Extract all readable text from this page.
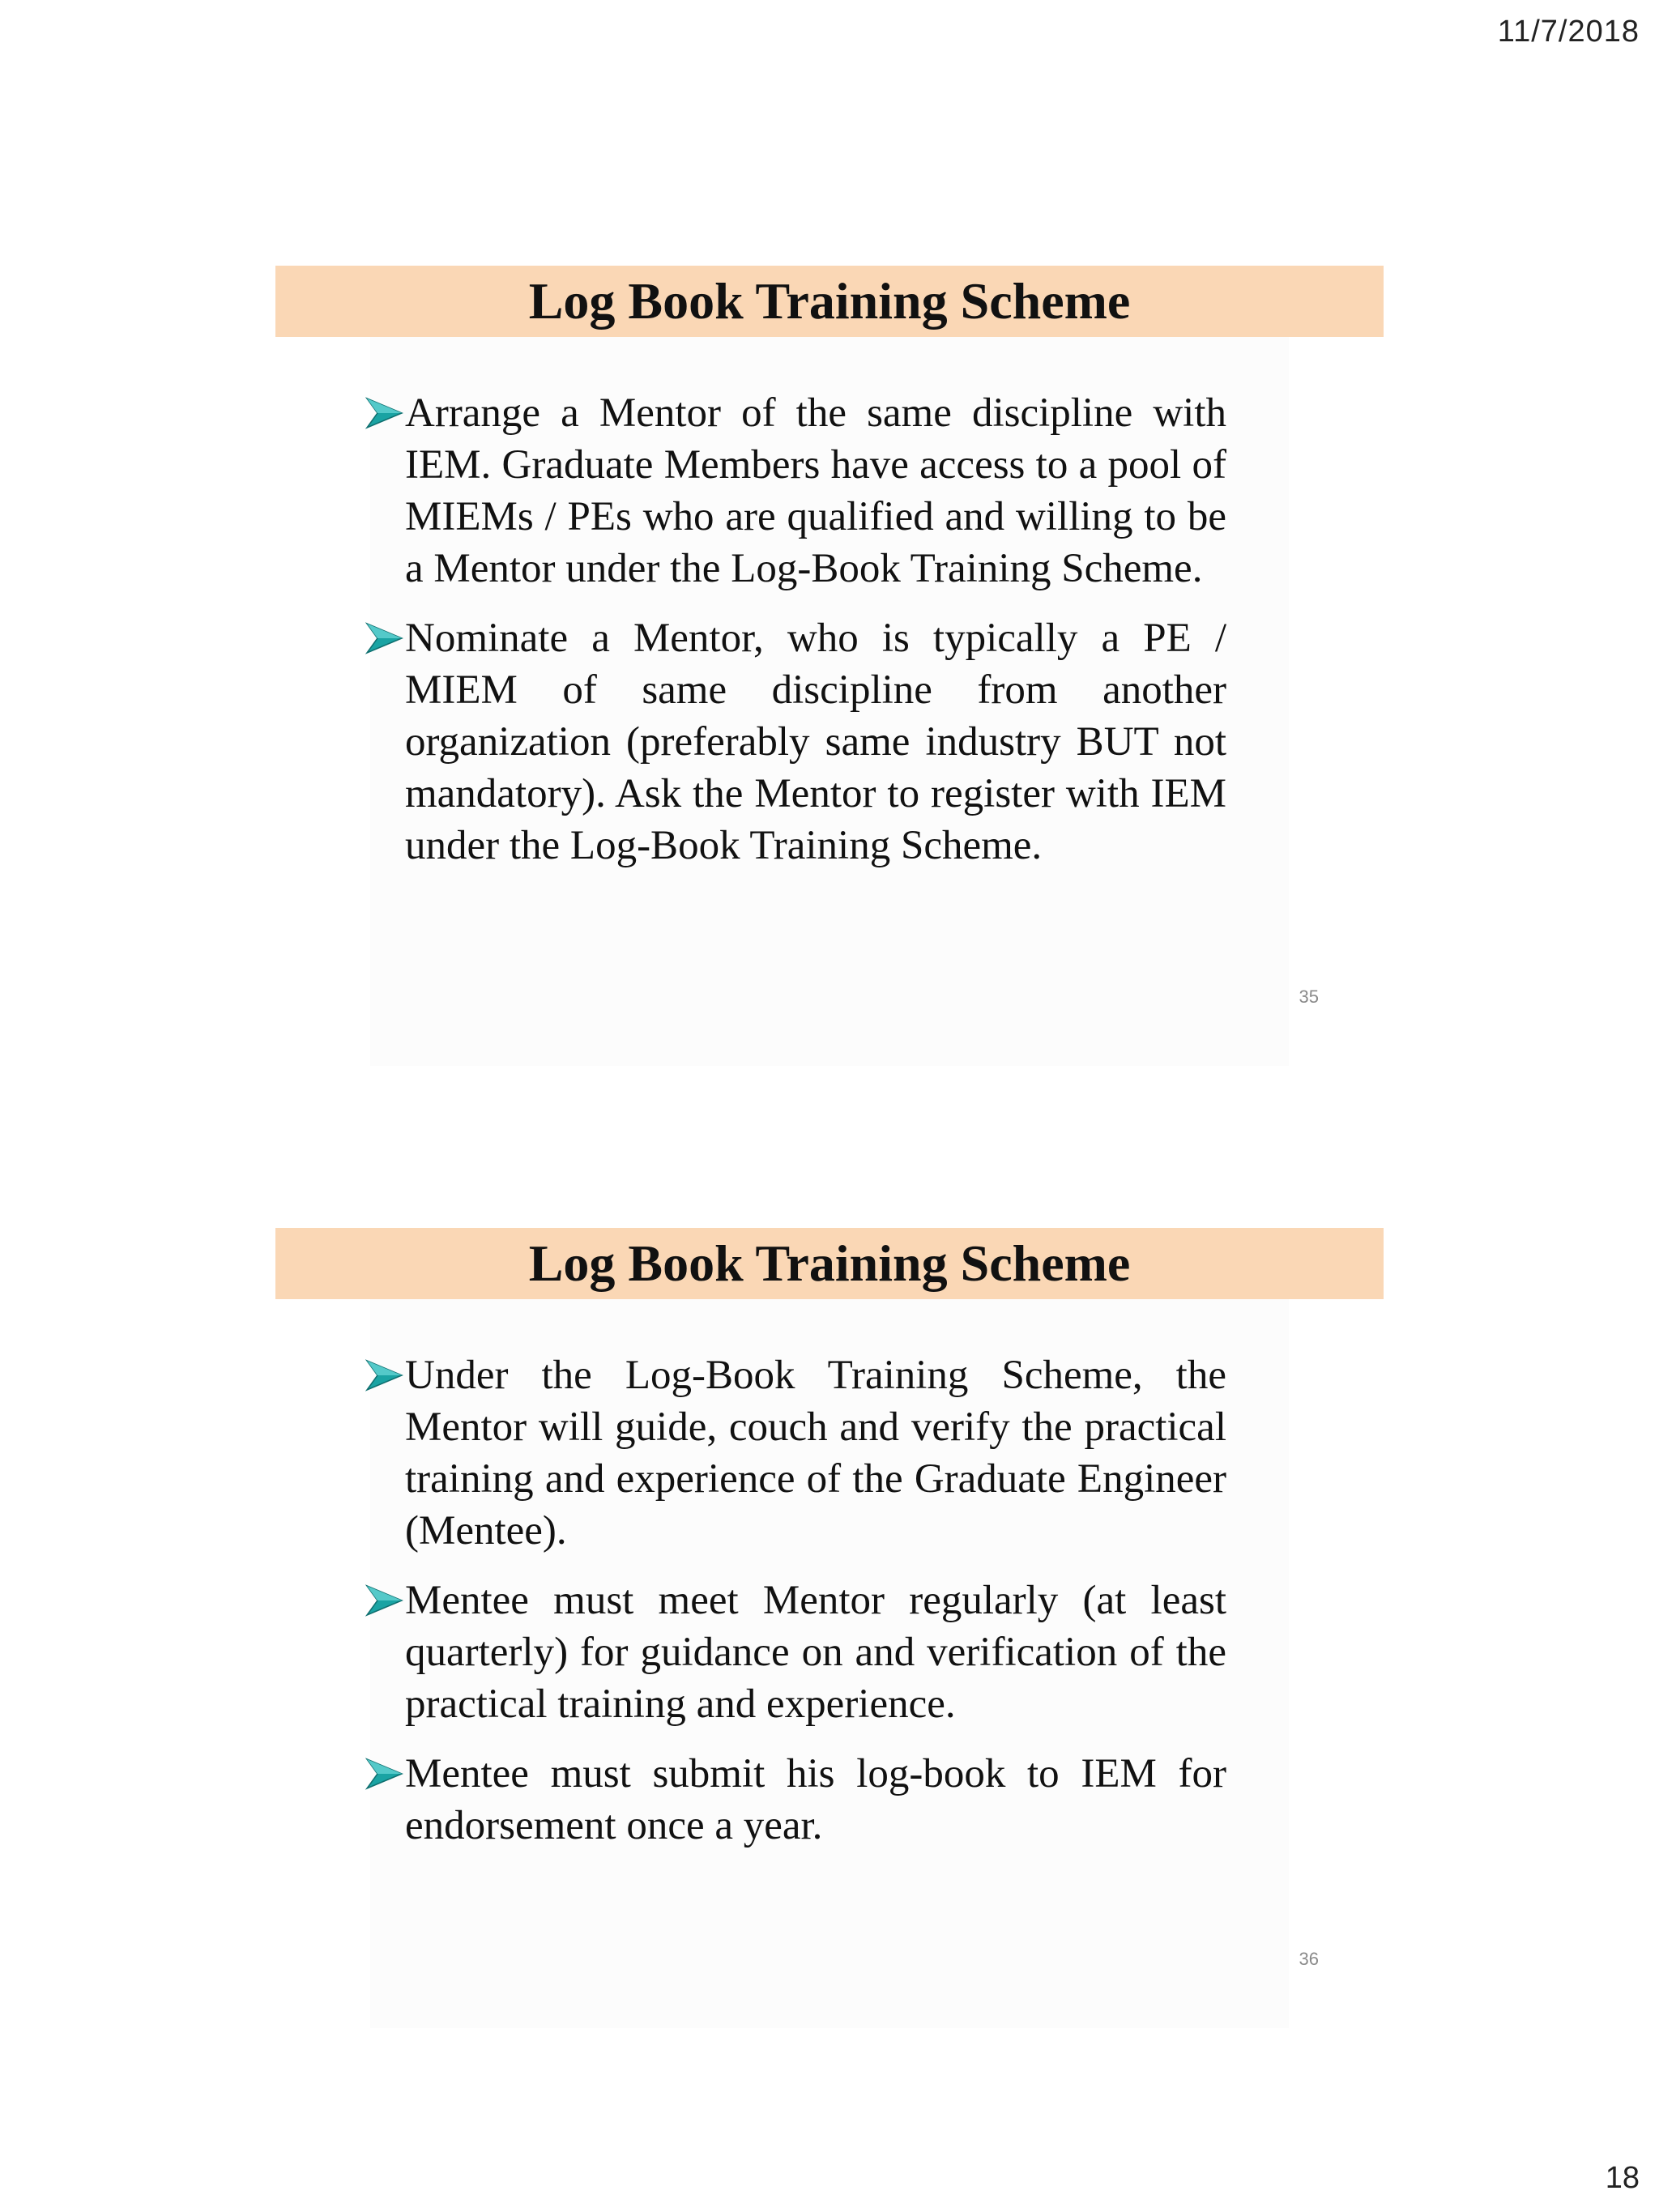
11/7/2018
Log Book Training Scheme
Arrange a Mentor of the same discipline with IEM. Graduate Members have access to a pool of MIEMs / PEs who are qualified and willing to be a Mentor under the Log-Book Training Scheme.
Nominate a Mentor, who is typically a PE / MIEM of same discipline from another organization (preferably same industry BUT not mandatory). Ask the Mentor to register with IEM under the Log-Book Training Scheme.
35
Log Book Training Scheme
Under the Log-Book Training Scheme, the Mentor will guide, couch and verify the practical training and experience of the Graduate Engineer (Mentee).
Mentee must meet Mentor regularly (at least quarterly) for guidance on and verification of the practical training and experience.
Mentee must submit his log-book to IEM for endorsement once a year.
36
18
